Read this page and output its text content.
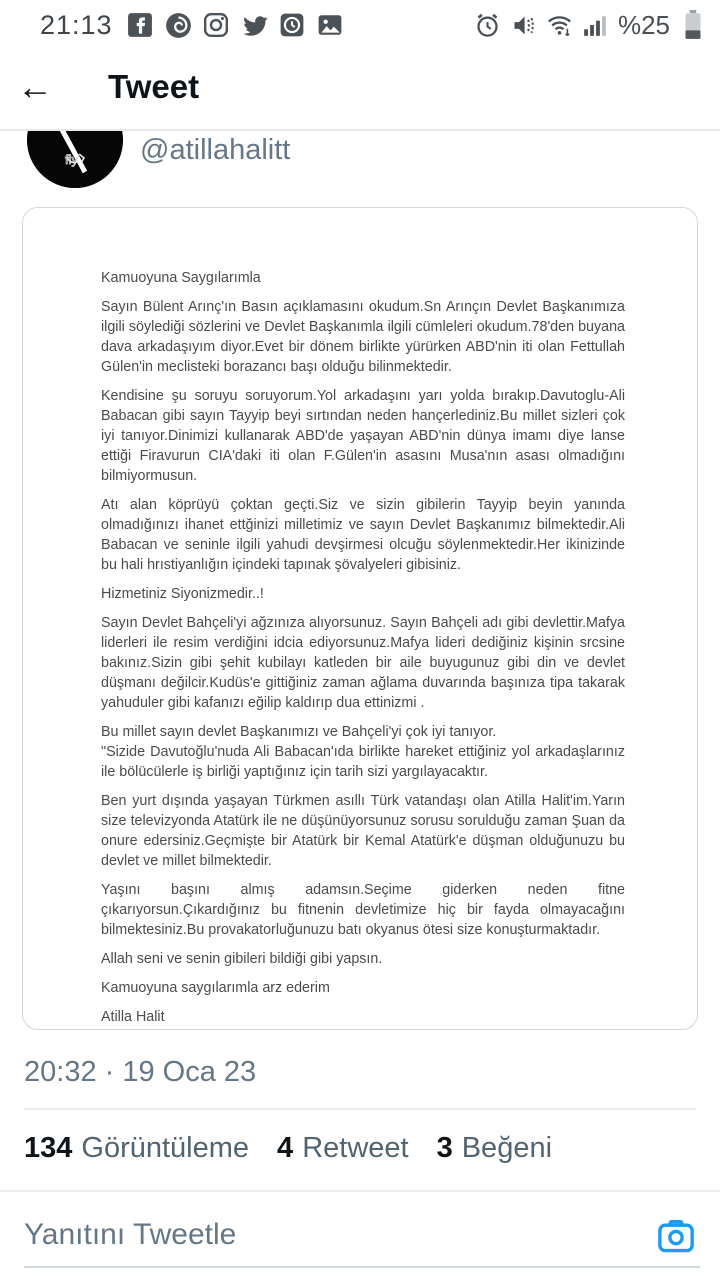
21:13	%25
←	Tweet
fly @atillahalitt

Kamuoyuna Saygılarımla

Sayın Bülent Arınç'ın Basın açıklamasını okudum.Sn Arınçın Devlet Başkanımıza ilgili söylediği sözlerini ve Devlet Başkanımla ilgili cümleleri okudum.78'den buyana dava arkadaşıyım diyor.Evet bir dönem birlikte yürürken ABD'nin iti olan Fettullah Gülen'in meclisteki borazancı başı olduğu bilinmektedir.

Kendisine şu soruyu soruyorum.Yol arkadaşını yarı yolda bırakıp.Davutoglu-Ali Babacan gibi sayın Tayyip beyi sırtından neden hançerlediniz.Bu millet sizleri çok iyi tanıyor.Dinimizi kullanarak ABD'de yaşayan ABD'nin dünya imamı diye lanse ettiği Firavurun CIA'daki iti olan F.Gülen'in asasını Musa'nın asası olmadığını bilmiyormusun.

Atı alan köprüyü çoktan geçti.Siz ve sizin gibilerin Tayyip beyin yanında olmadığınızı ihanet ettğinizi milletimiz ve sayın Devlet Başkanımız bilmektedir.Ali Babacan ve seninle ilgili yahudi devşirmesi olcuğu söylenmektedir.Her ikinizinde bu hali hrıstiyanlığın içindeki tapınak şövalyeleri gibisiniz.

Hizmetiniz Siyonizmedir..!

Sayın Devlet Bahçeli'yi ağzınıza alıyorsunuz. Sayın Bahçeli adı gibi devlettir.Mafya liderleri ile resim verdiğini idcia ediyorsunuz.Mafya lideri dediğiniz kişinin srcsine bakınız.Sizin gibi şehit kubilayı katleden bir aile buyugunuz gibi din ve devlet düşmanı değilcir.Kudüs'e gittiğiniz zaman ağlama duvarında başınıza tipa takarak yahuduler gibi kafanızı eğilip kaldırıp dua ettinizmi .

Bu millet sayın devlet Başkanımızı ve Bahçeli'yi çok iyi tanıyor.

"Sizide Davutoğlu'nuda Ali Babacan'ıda birlikte hareket ettiğiniz yol arkadaşlarınız ile bölücülerle iş birliği yaptığınız için tarih sizi yargılayacaktır.

Ben yurt dışında yaşayan Türkmen asıllı Türk vatandaşı olan Atilla Halit'im.Yarın size televizyonda Atatürk ile ne düşünüyorsunuz sorusu sorulduğu zaman Şuan da onure edersiniz.Geçmişte bir Atatürk bir Kemal Atatürk'e düşman olduğunuzu bu devlet ve millet bilmektedir.

Yaşını başını almış adamsın.Seçime giderken neden fitne çıkarıyorsun.Çıkardığınız bu fitnenin devletimize hiç bir fayda olmayacağını bilmektesiniz.Bu provakatorluğunuzu batı okyanus ötesi size konuşturmaktadır.

Allah seni ve senin gibileri bildiği gibi yapsın.

Kamuoyuna saygılarımla arz ederim

Atilla Halit

20:32 · 19 Oca 23
134 Görüntüleme 4 Retweet 3 Beğeni
Yanıtını Tweetle
